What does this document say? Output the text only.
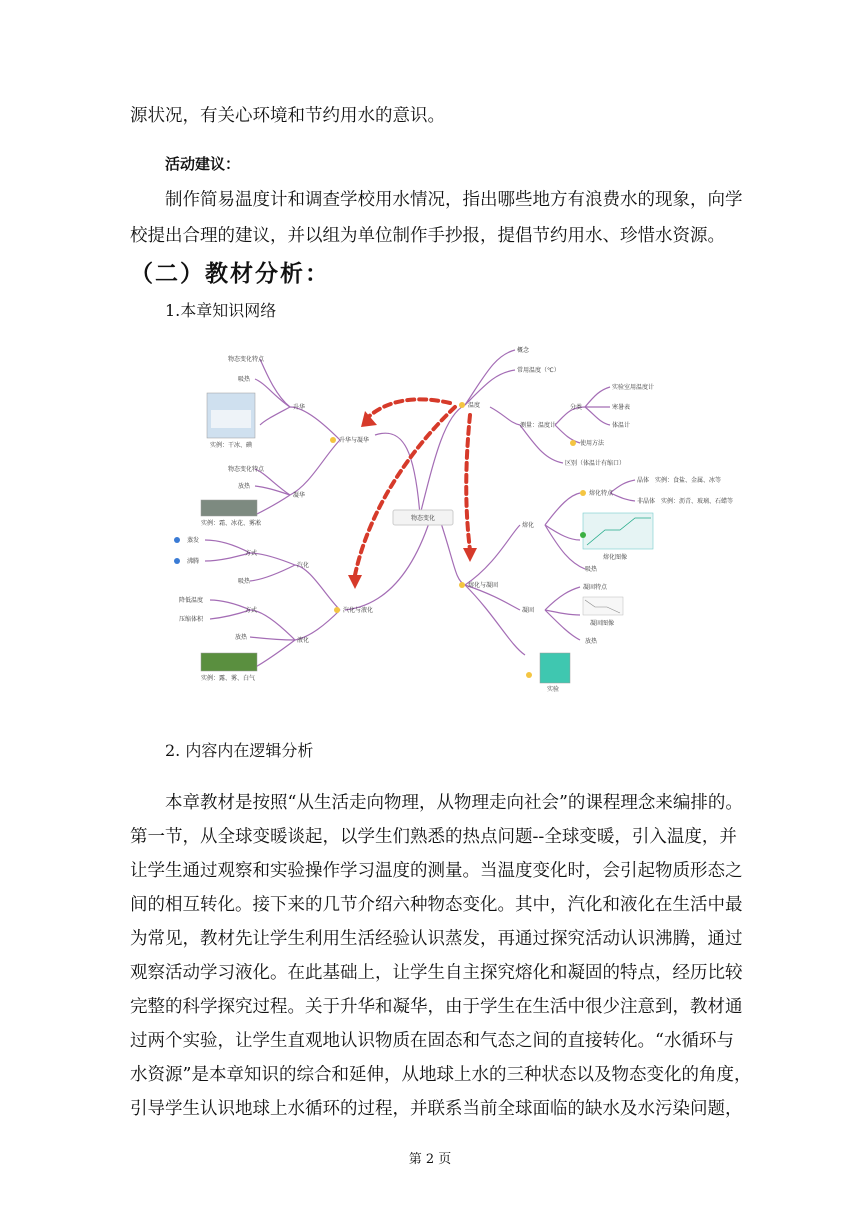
源状况，有关心环境和节约用水的意识。
活动建议：
制作简易温度计和调查学校用水情况，指出哪些地方有浪费水的现象，向学
校提出合理的建议，并以组为单位制作手抄报，提倡节约用水、珍惜水资源。
（二）教材分析：
1.本章知识网络
物态变化
温度
升华与凝华
汽化与液化
熔化与凝固
概念
常用温度（℃）
测量：温度计
分类
实验室用温度计
寒暑表
体温计
使用方法
区别（体温计有缩口）
升华
物态变化特点
吸热
实例：干冰、碘
凝华
物态变化特点
放热
实例：霜、冰花、雾凇
汽化
方式
蒸发
沸腾
吸热
液化
方式
降低温度
压缩体积
放热
实例：露、雾、白气
熔化
熔化特点
晶体 实例：食盐、金属、冰等
非晶体 实例：沥青、玻璃、石蜡等
熔化图像
吸热
凝固
凝固特点
凝固图像
放热
实验
2. 内容内在逻辑分析
本章教材是按照“从生活走向物理，从物理走向社会”的课程理念来编排的。
第一节，从全球变暖谈起，以学生们熟悉的热点问题--全球变暖，引入温度，并
让学生通过观察和实验操作学习温度的测量。当温度变化时，会引起物质形态之
间的相互转化。接下来的几节介绍六种物态变化。其中，汽化和液化在生活中最
为常见，教材先让学生利用生活经验认识蒸发，再通过探究活动认识沸腾，通过
观察活动学习液化。在此基础上，让学生自主探究熔化和凝固的特点，经历比较
完整的科学探究过程。关于升华和凝华，由于学生在生活中很少注意到，教材通
过两个实验，让学生直观地认识物质在固态和气态之间的直接转化。“水循环与
水资源”是本章知识的综合和延伸，从地球上水的三种状态以及物态变化的角度，
引导学生认识地球上水循环的过程，并联系当前全球面临的缺水及水污染问题，
第 2 页
